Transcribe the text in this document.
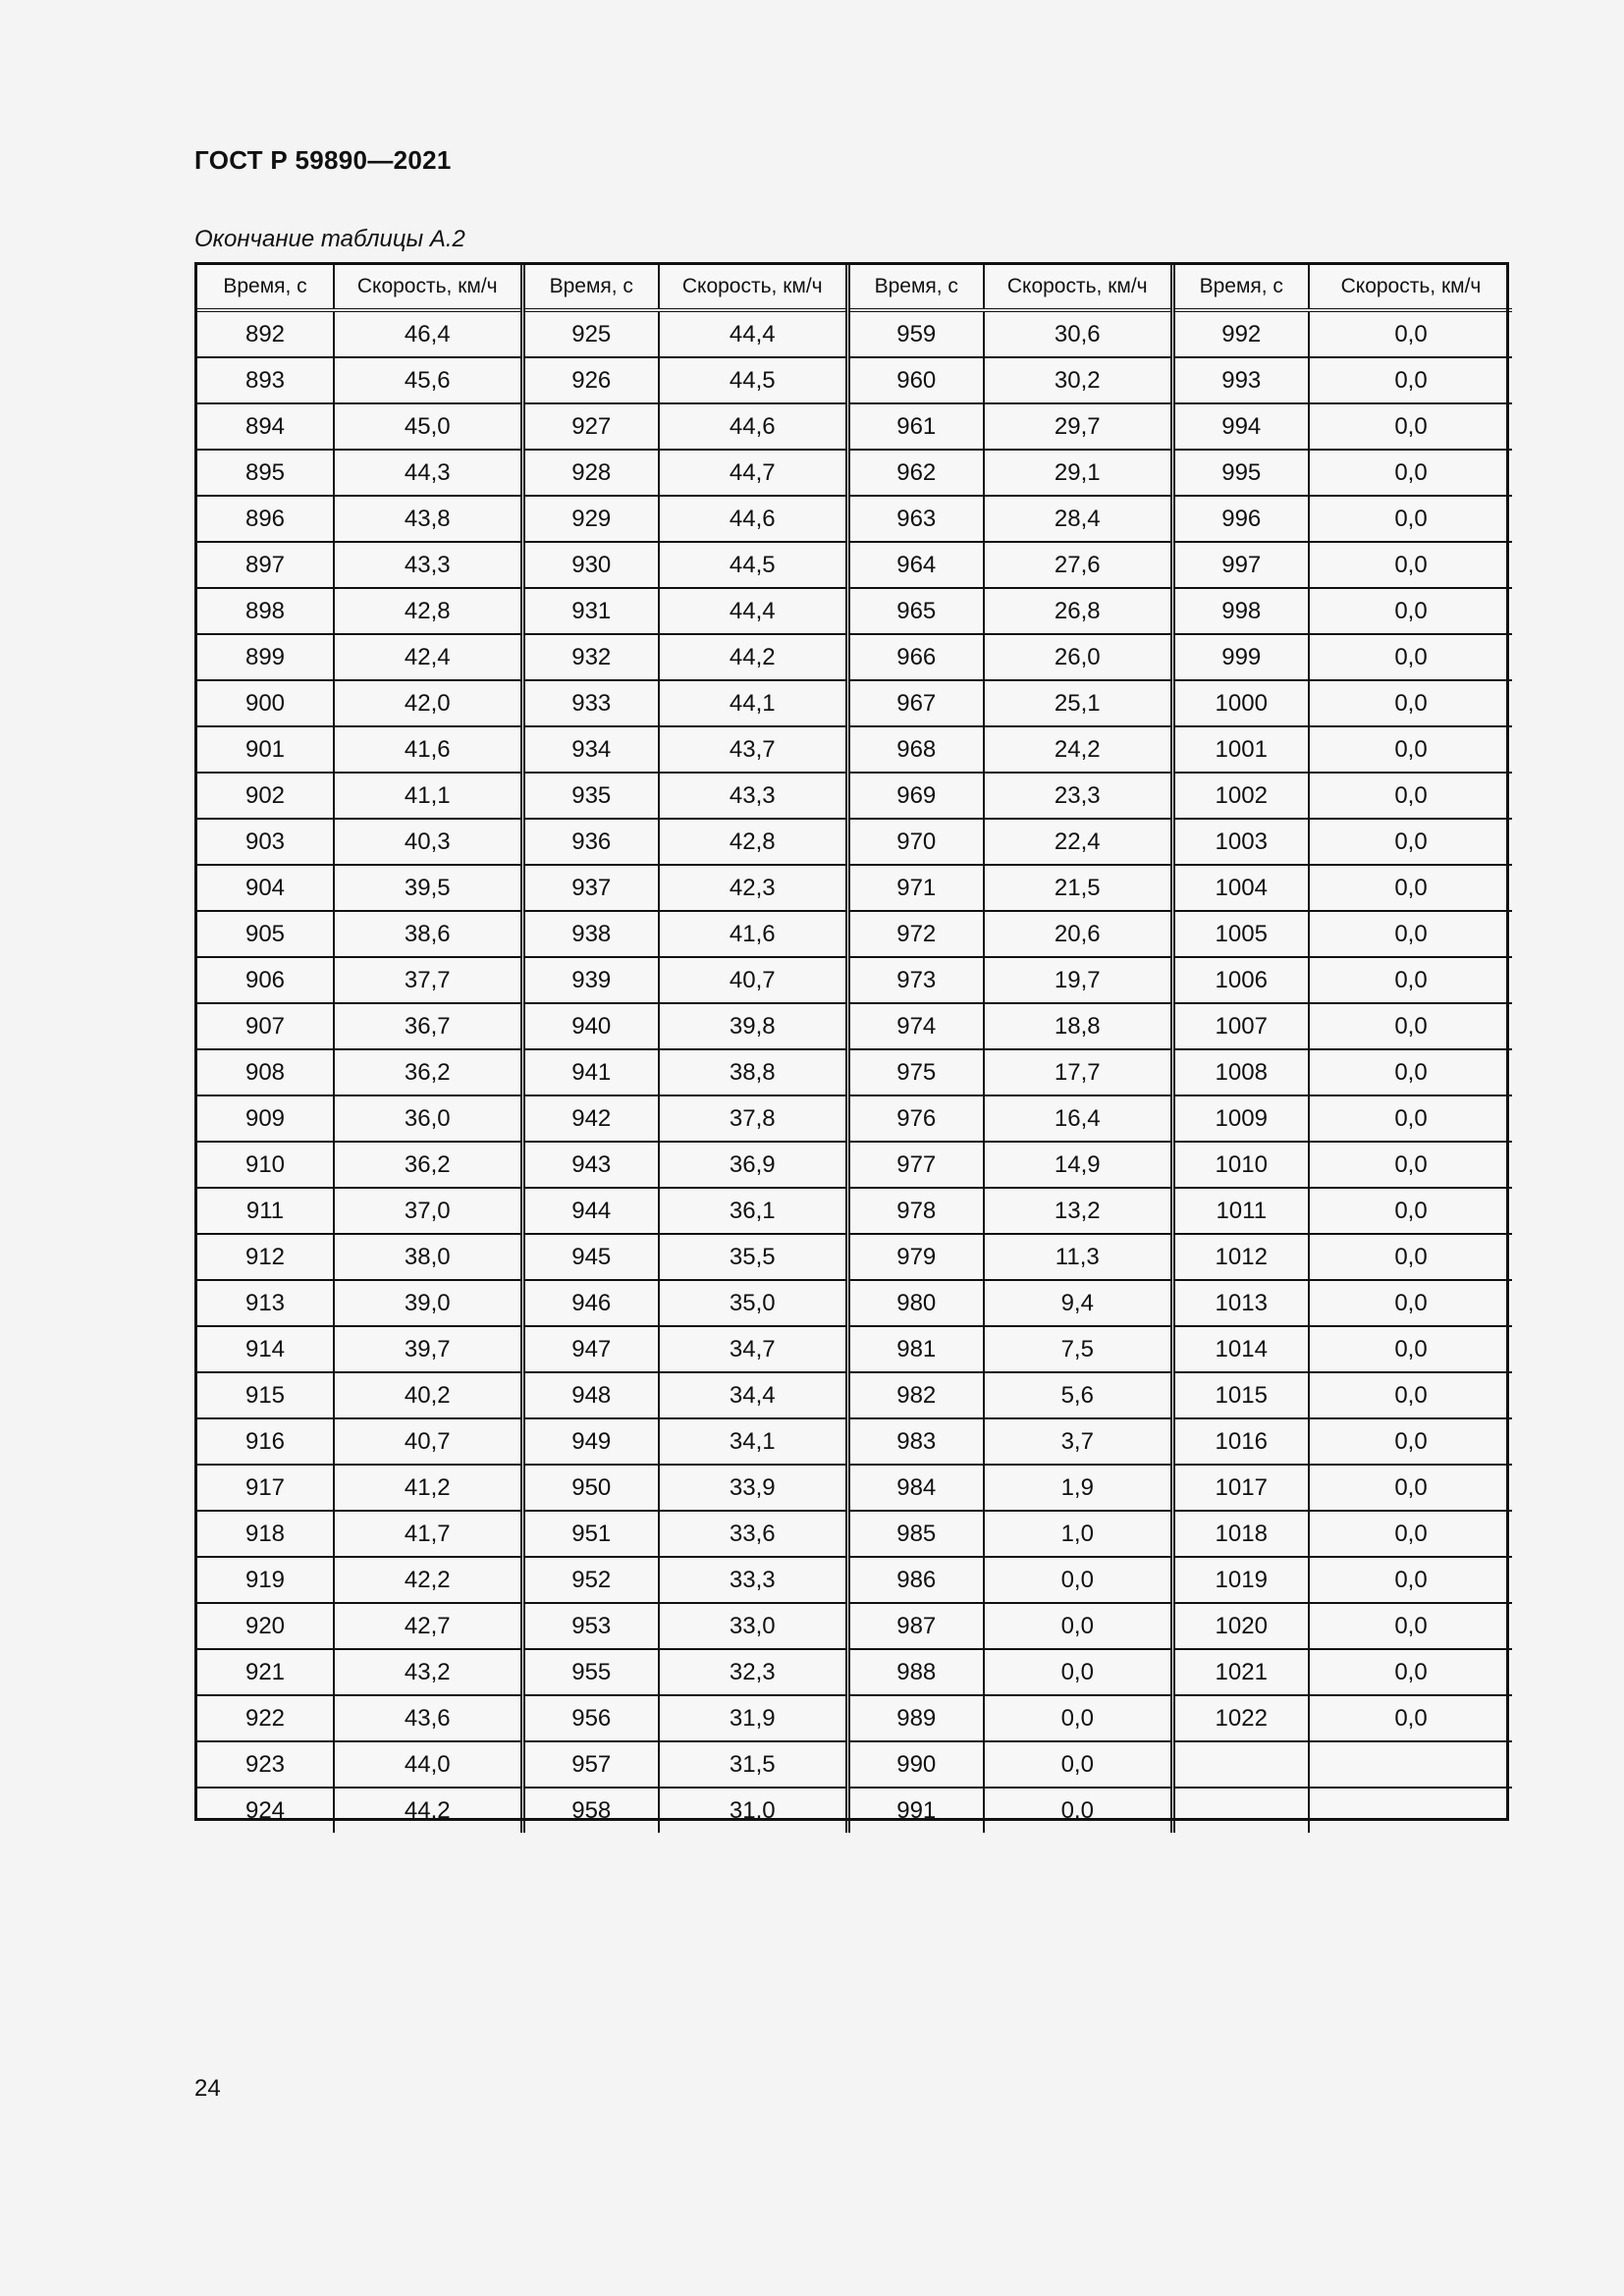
ГОСТ Р 59890—2021
Окончание таблицы А.2
Время, с	Скорость, км/ч	Время, с	Скорость, км/ч	Время, с	Скорость, км/ч	Время, с	Скорость, км/ч
892	46,4	925	44,4	959	30,6	992	0,0
893	45,6	926	44,5	960	30,2	993	0,0
894	45,0	927	44,6	961	29,7	994	0,0
895	44,3	928	44,7	962	29,1	995	0,0
896	43,8	929	44,6	963	28,4	996	0,0
897	43,3	930	44,5	964	27,6	997	0,0
898	42,8	931	44,4	965	26,8	998	0,0
899	42,4	932	44,2	966	26,0	999	0,0
900	42,0	933	44,1	967	25,1	1000	0,0
901	41,6	934	43,7	968	24,2	1001	0,0
902	41,1	935	43,3	969	23,3	1002	0,0
903	40,3	936	42,8	970	22,4	1003	0,0
904	39,5	937	42,3	971	21,5	1004	0,0
905	38,6	938	41,6	972	20,6	1005	0,0
906	37,7	939	40,7	973	19,7	1006	0,0
907	36,7	940	39,8	974	18,8	1007	0,0
908	36,2	941	38,8	975	17,7	1008	0,0
909	36,0	942	37,8	976	16,4	1009	0,0
910	36,2	943	36,9	977	14,9	1010	0,0
911	37,0	944	36,1	978	13,2	1011	0,0
912	38,0	945	35,5	979	11,3	1012	0,0
913	39,0	946	35,0	980	9,4	1013	0,0
914	39,7	947	34,7	981	7,5	1014	0,0
915	40,2	948	34,4	982	5,6	1015	0,0
916	40,7	949	34,1	983	3,7	1016	0,0
917	41,2	950	33,9	984	1,9	1017	0,0
918	41,7	951	33,6	985	1,0	1018	0,0
919	42,2	952	33,3	986	0,0	1019	0,0
920	42,7	953	33,0	987	0,0	1020	0,0
921	43,2	955	32,3	988	0,0	1021	0,0
922	43,6	956	31,9	989	0,0	1022	0,0
923	44,0	957	31,5	990	0,0		
924	44,2	958	31,0	991	0,0		
24
